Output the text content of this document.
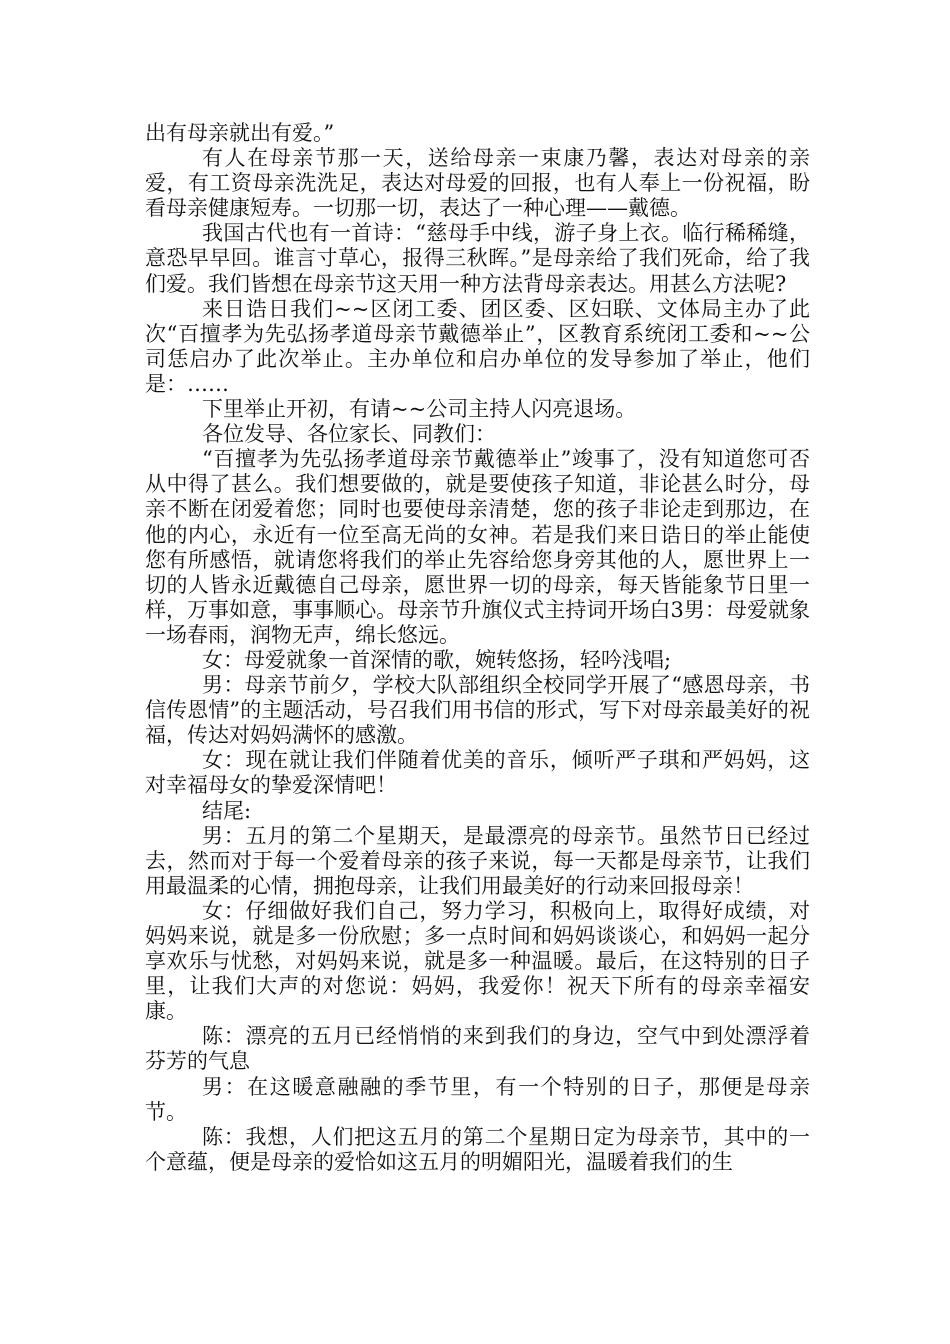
出有母亲就出有爱。”

有人在母亲节那一天，送给母亲一束康乃馨，表达对母亲的亲爱，有工资母亲洗洗足，表达对母爱的回报，也有人奉上一份祝福，盼看母亲健康短寿。一切那一切，表达了一种心理——戴德。

我国古代也有一首诗：“慈母手中线，游子身上衣。临行稀稀缝，意恐早早回。谁言寸草心，报得三秋晖。”是母亲给了我们死命，给了我们爱。我们皆想在母亲节这天用一种方法背母亲表达。用甚么方法呢?

来日诰日我们~~区闭工委、团区委、区妇联、文体局主办了此次“百擅孝为先弘扬孝道母亲节戴德举止”，区教育系统闭工委和~~公司恁启办了此次举止。主办单位和启办单位的发导参加了举止，他们是：……

下里举止开初，有请~~公司主持人闪亮退场。

各位发导、各位家长、同教们：

“百擅孝为先弘扬孝道母亲节戴德举止”竣事了，没有知道您可否从中得了甚么。我们想要做的，就是要使孩子知道，非论甚么时分，母亲不断在闭爱着您；同时也要使母亲清楚，您的孩子非论走到那边，在他的内心，永近有一位至高无尚的女神。若是我们来日诰日的举止能使您有所感悟，就请您将我们的举止先容给您身旁其他的人，愿世界上一切的人皆永近戴德自己母亲，愿世界一切的母亲，每天皆能象节日里一样，万事如意，事事顺心。母亲节升旗仪式主持词开场白3男：母爱就象一场春雨，润物无声，绵长悠远。

女：母爱就象一首深情的歌，婉转悠扬，轻吟浅唱;

男：母亲节前夕，学校大队部组织全校同学开展了“感恩母亲，书信传恩情”的主题活动，号召我们用书信的形式，写下对母亲最美好的祝福，传达对妈妈满怀的感激。

女：现在就让我们伴随着优美的音乐，倾听严子琪和严妈妈，这对幸福母女的挚爱深情吧！

结尾:

男：五月的第二个星期天，是最漂亮的母亲节。虽然节日已经过去，然而对于每一个爱着母亲的孩子来说，每一天都是母亲节，让我们用最温柔的心情，拥抱母亲，让我们用最美好的行动来回报母亲！

女：仔细做好我们自己，努力学习，积极向上，取得好成绩，对妈妈来说，就是多一份欣慰；多一点时间和妈妈谈谈心，和妈妈一起分享欢乐与忧愁，对妈妈来说，就是多一种温暖。最后，在这特别的日子里，让我们大声的对您说：妈妈，我爱你！祝天下所有的母亲幸福安康。

陈：漂亮的五月已经悄悄的来到我们的身边，空气中到处漂浮着芬芳的气息

男：在这暖意融融的季节里，有一个特别的日子，那便是母亲节。

陈：我想，人们把这五月的第二个星期日定为母亲节，其中的一个意蕴，便是母亲的爱恰如这五月的明媚阳光，温暖着我们的生
